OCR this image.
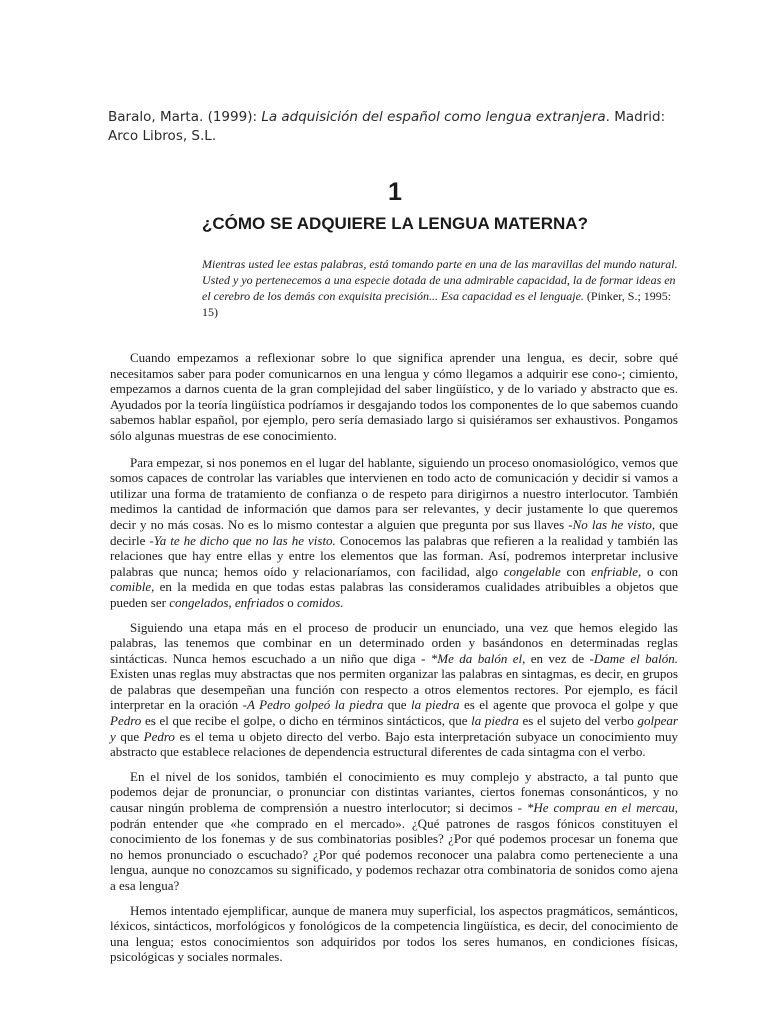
Baralo, Marta. (1999): La adquisición del español como lengua extranjera. Madrid: Arco Libros, S.L.
1
¿CÓMO SE ADQUIERE LA LENGUA MATERNA?
Mientras usted lee estas palabras, está tomando parte en una de las maravillas del mundo natural. Usted y yo pertenecemos a una especie dotada de una admirable capacidad, la de formar ideas en el cerebro de los demás con exquisita precisión... Esa capacidad es el lenguaje. (Pinker, S.; 1995: 15)

Cuando empezamos a reflexionar sobre lo que significa aprender una lengua, es decir, sobre qué necesitamos saber para poder comunicarnos en una lengua y cómo llegamos a adquirir ese cono-; cimiento, empezamos a darnos cuenta de la gran complejidad del saber lingüístico, y de lo variado y abstracto que es. Ayudados por la teoría lingüística podríamos ir desgajando todos los componentes de lo que sabemos cuando sabemos hablar español, por ejemplo, pero sería demasiado largo si quisiéramos ser exhaustivos. Pongamos sólo algunas muestras de ese conocimiento.

Para empezar, si nos ponemos en el lugar del hablante, siguiendo un proceso onomasiológico, vemos que somos capaces de controlar las variables que intervienen en todo acto de comunicación y decidir si vamos a utilizar una forma de tratamiento de confianza o de respeto para dirigirnos a nuestro interlocutor. También medimos la cantidad de información que damos para ser relevantes, y decir justamente lo que queremos decir y no más cosas. No es lo mismo contestar a alguien que pregunta por sus llaves -No las he visto, que decirle -Ya te he dicho que no las he visto. Conocemos las palabras que refieren a la realidad y también las relaciones que hay entre ellas y entre los elementos que las forman. Así, podremos interpretar inclusive palabras que nunca; hemos oído y relacionaríamos, con facilidad, algo congelable con enfriable, o con comible, en la medida en que todas estas palabras las consideramos cualidades atribuibles a objetos que pueden ser congelados, enfriados o comidos.

Siguiendo una etapa más en el proceso de producir un enunciado, una vez que hemos elegido las palabras, las tenemos que combinar en un determinado orden y basándonos en determinadas reglas sintácticas. Nunca hemos escuchado a un niño que diga - *Me da balón el, en vez de -Dame el balón. Existen unas reglas muy abstractas que nos permiten organizar las palabras en sintagmas, es decir, en grupos de palabras que desempeñan una función con respecto a otros elementos rectores. Por ejemplo, es fácil interpretar en la oración -A Pedro golpeó la piedra que la piedra es el agente que provoca el golpe y que Pedro es el que recibe el golpe, o dicho en términos sintácticos, que la piedra es el sujeto del verbo golpear y que Pedro es el tema u objeto directo del verbo. Bajo esta interpretación subyace un conocimiento muy abstracto que establece relaciones de dependencia estructural diferentes de cada sintagma con el verbo.

En el nivel de los sonidos, también el conocimiento es muy complejo y abstracto, a tal punto que podemos dejar de pronunciar, o pronunciar con distintas variantes, ciertos fonemas consonánticos, y no causar ningún problema de comprensión a nuestro interlocutor; si decimos - *He comprau en el mercau, podrán entender que «he comprado en el mercado». ¿Qué patrones de rasgos fónicos constituyen el conocimiento de los fonemas y de sus combinatorias posibles? ¿Por qué podemos procesar un fonema que no hemos pronunciado o escuchado? ¿Por qué podemos reconocer una palabra como perteneciente a una lengua, aunque no conozcamos su significado, y podemos rechazar otra combinatoria de sonidos como ajena a esa lengua?

Hemos intentado ejemplificar, aunque de manera muy superficial, los aspectos pragmáticos, semánticos, léxicos, sintácticos, morfológicos y fonológicos de la competencia lingüística, es decir, del conocimiento de una lengua; estos conocimientos son adquiridos por todos los seres humanos, en condiciones físicas, psicológicas y sociales normales.
